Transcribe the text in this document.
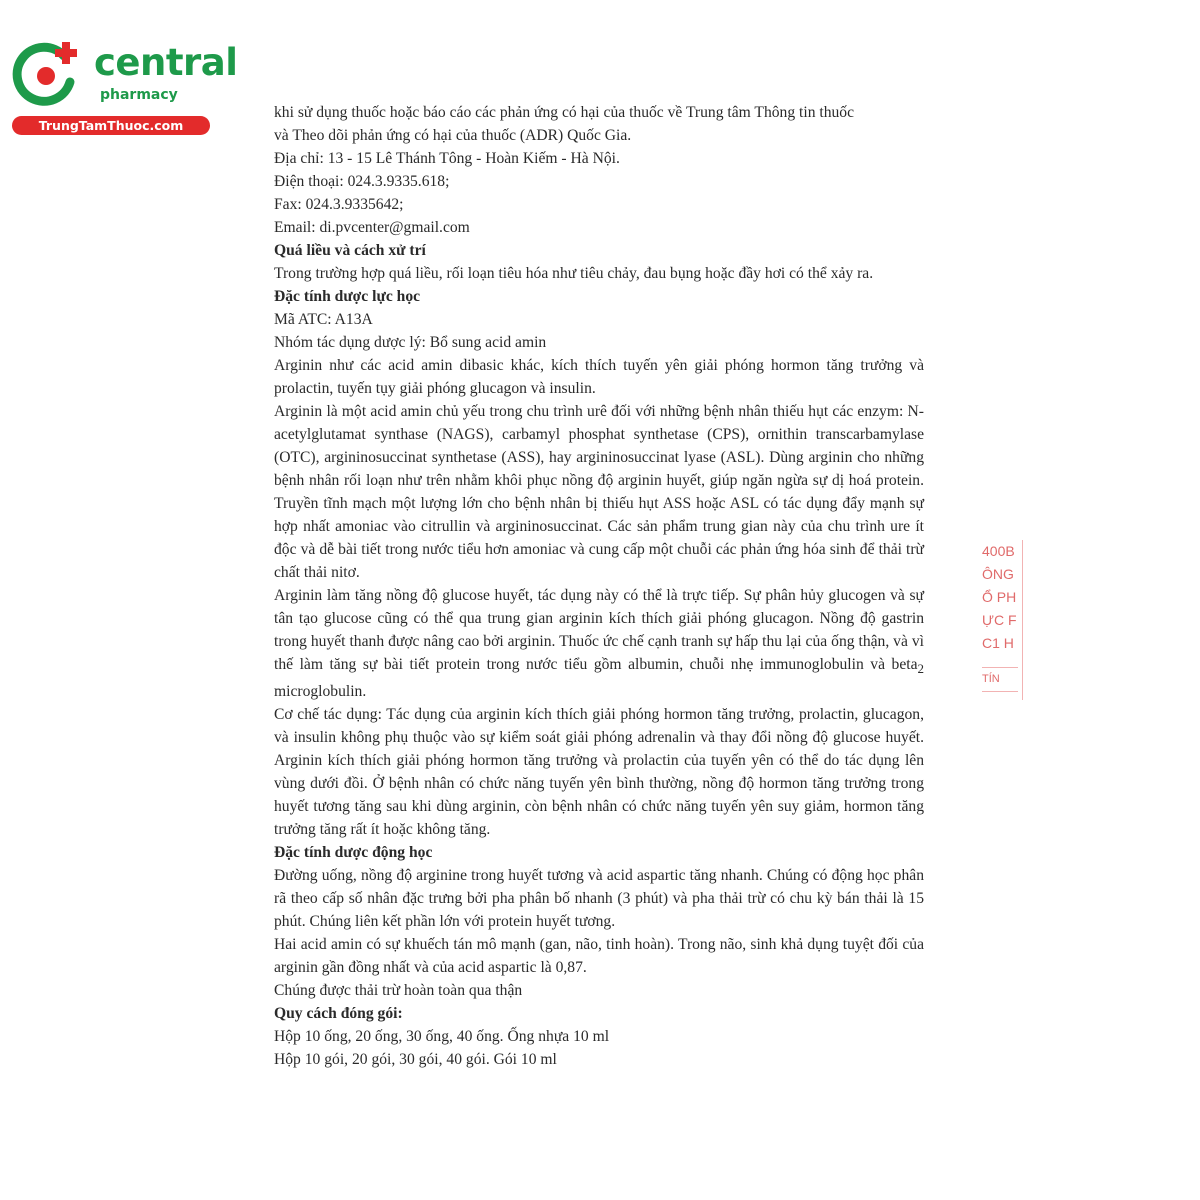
central
pharmacy
TrungTamThuoc.com

khi sử dụng thuốc hoặc báo cáo các phản ứng có hại của thuốc về Trung tâm Thông tin thuốc

và Theo dõi phản ứng có hại của thuốc (ADR) Quốc Gia.

Địa chỉ: 13 - 15 Lê Thánh Tông - Hoàn Kiếm - Hà Nội.

Điện thoại: 024.3.9335.618;

Fax: 024.3.9335642;

Email: di.pvcenter@gmail.com

Quá liều và cách xử trí

Trong trường hợp quá liều, rối loạn tiêu hóa như tiêu chảy, đau bụng hoặc đầy hơi có thể xảy ra.

Đặc tính dược lực học

Mã ATC: A13A

Nhóm tác dụng dược lý: Bổ sung acid amin

Arginin như các acid amin dibasic khác, kích thích tuyến yên giải phóng hormon tăng trưởng và prolactin, tuyến tụy giải phóng glucagon và insulin.

Arginin là một acid amin chủ yếu trong chu trình urê đối với những bệnh nhân thiếu hụt các enzym: N-acetylglutamat synthase (NAGS), carbamyl phosphat synthetase (CPS), ornithin transcarbamylase (OTC), argininosuccinat synthetase (ASS), hay argininosuccinat lyase (ASL). Dùng arginin cho những bệnh nhân rối loạn như trên nhằm khôi phục nồng độ arginin huyết, giúp ngăn ngừa sự dị hoá protein. Truyền tĩnh mạch một lượng lớn cho bệnh nhân bị thiếu hụt ASS hoặc ASL có tác dụng đẩy mạnh sự hợp nhất amoniac vào citrullin và argininosuccinat. Các sản phẩm trung gian này của chu trình ure ít độc và dễ bài tiết trong nước tiểu hơn amoniac và cung cấp một chuỗi các phản ứng hóa sinh để thải trừ chất thải nitơ.

Arginin làm tăng nồng độ glucose huyết, tác dụng này có thể là trực tiếp. Sự phân hủy glucogen và sự tân tạo glucose cũng có thể qua trung gian arginin kích thích giải phóng glucagon. Nồng độ gastrin trong huyết thanh được nâng cao bởi arginin. Thuốc ức chế cạnh tranh sự hấp thu lại của ống thận, và vì thế làm tăng sự bài tiết protein trong nước tiểu gồm albumin, chuỗi nhẹ immunoglobulin và beta$_2$ microglobulin.

Cơ chế tác dụng: Tác dụng của arginin kích thích giải phóng hormon tăng trưởng, prolactin, glucagon, và insulin không phụ thuộc vào sự kiểm soát giải phóng adrenalin và thay đổi nồng độ glucose huyết. Arginin kích thích giải phóng hormon tăng trưởng và prolactin của tuyến yên có thể do tác dụng lên vùng dưới đồi. Ở bệnh nhân có chức năng tuyến yên bình thường, nồng độ hormon tăng trưởng trong huyết tương tăng sau khi dùng arginin, còn bệnh nhân có chức năng tuyến yên suy giảm, hormon tăng trưởng tăng rất ít hoặc không tăng.

Đặc tính dược động học

Đường uống, nồng độ arginine trong huyết tương và acid aspartic tăng nhanh. Chúng có động học phân rã theo cấp số nhân đặc trưng bởi pha phân bố nhanh (3 phút) và pha thải trừ có chu kỳ bán thải là 15 phút. Chúng liên kết phần lớn với protein huyết tương.

Hai acid amin có sự khuếch tán mô mạnh (gan, não, tinh hoàn). Trong não, sinh khả dụng tuyệt đối của arginin gần đồng nhất và của acid aspartic là 0,87.

Chúng được thải trừ hoàn toàn qua thận

Quy cách đóng gói:

Hộp 10 ống, 20 ống, 30 ống, 40 ống. Ống nhựa 10 ml

Hộp 10 gói, 20 gói, 30 gói, 40 gói. Gói 10 ml

400B
ÔNG
Ổ PH
ỰC F
C1 H
TÍN
